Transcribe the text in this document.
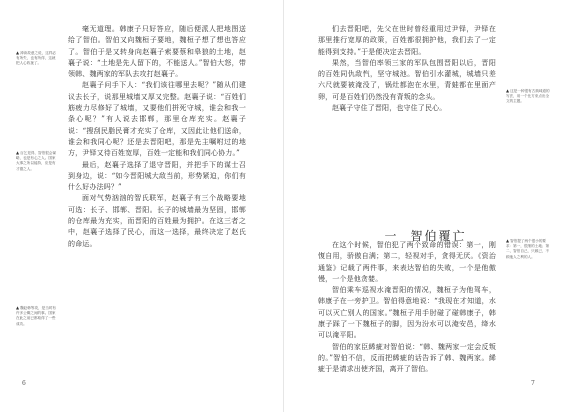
▲禅读故意之说，这样必有所失，也有所得，这就把人心收拢了。
▲百乞见得，智伯很会谋略，也是有心之人。国家大事之所以能持，应是有才德之人。
▲魏赵韩等攻，是当时有许多公卿之间的事。国家在此之前已都取得了一些成功。

毫无道理。韩康子只好答应，随后便派人把地图送给了智伯。智伯又向魏桓子要地，魏桓子想了想也答应了。智伯于是又转身向赵襄子索要蔡和皋狼的土地，赵襄子说：“土地是先人留下的，不能送人。”智伯大怒，带领韩、魏两家的军队去攻打赵襄子。

赵襄子问手下人：“我们该往哪里去呢？”随从们建议去长子，说那里城墙又厚又完整。赵襄子说：“百姓们筋疲力尽修好了城墙，又要他们拼死守城，谁会和我一条心呢？”有人说去邯郸，那里仓库充实。赵襄子说：“搜刮民脂民膏才充实了仓库，又因此让他们送命，谁会和我同心呢？还是去晋阳吧，那是先主嘱咐过的地方，尹铎又待百姓宽厚，百姓一定能和我们同心协力。”

最后，赵襄子选择了退守晋阳，并把手下的谋士召到身边，说：“如今晋阳城大敌当前，形势紧迫，你们有什么好办法吗？”

面对气势汹汹的智氏联军，赵襄子有三个战略要地可选：长子、邯郸、晋阳。长子的城墙最为坚固，邯郸的仓库最为充实，而晋阳的百姓最为拥护。在这三者之中，赵襄子选择了民心，而这一选择，最终决定了赵氏的命运。

6
▲这是一种很有古典味道的写法，用一个比方来点出全文的主题。
▲智伯提了两个很小的要求：第一，很细的土地；第二，智伯自己，只顾己，不顾他人之利的人。

们去晋阳吧，先父在世时曾经重用过尹铎，尹铎在那里推行宽厚的政策，百姓都很拥护他，我们去了一定能得到支持。”于是便决定去晋阳。

果然，当智伯率领三家的军队包围晋阳以后，晋阳的百姓同仇敌忾，坚守城池。智伯引水灌城，城墙只差六尺就要被淹没了，锅灶都泡在水里，青蛙都在里面产卵，可是百姓们仍然没有背叛的念头。

赵襄子守住了晋阳，也守住了民心。

一 智伯覆亡

在这个时候，智伯犯了两个致命的错误：第一，刚愎自用，骄傲自满；第二，轻视对手，贪得无厌。《资治通鉴》记载了两件事，来表达智伯的失败，一个是他傲慢，一个是他贪婪。

智伯乘车巡视水淹晋阳的情况，魏桓子为他驾车，韩康子在一旁护卫。智伯得意地说：“我现在才知道，水可以灭亡别人的国家。”魏桓子用手肘碰了碰韩康子，韩康子踩了一下魏桓子的脚，因为汾水可以淹安邑，绛水可以淹平阳。

智伯的家臣絺疵对智伯说：“韩、魏两家一定会反叛的。”智伯不信，反而把絺疵的话告诉了韩、魏两家。絺疵于是请求出使齐国，离开了智伯。

7
